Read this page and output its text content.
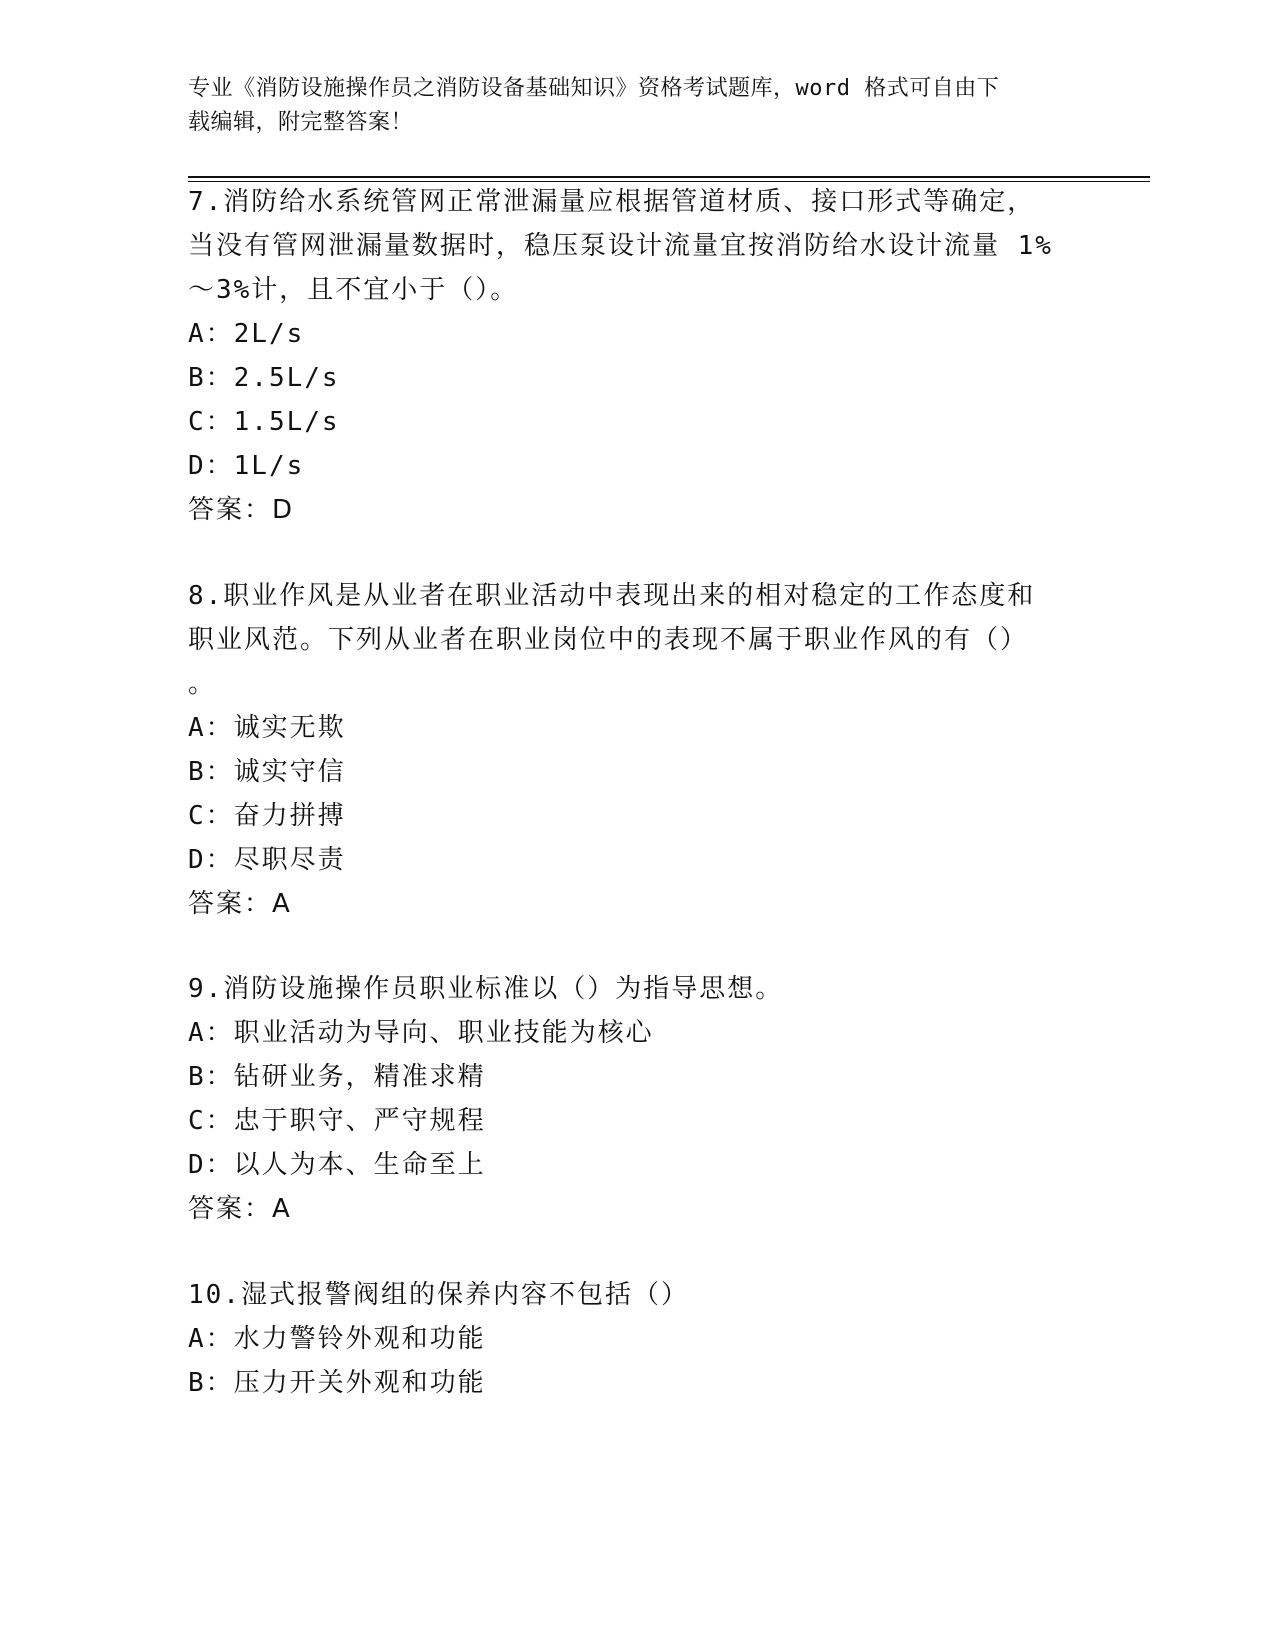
专业《消防设施操作员之消防设备基础知识》资格考试题库，word 格式可自由下
载编辑，附完整答案！
7.消防给水系统管网正常泄漏量应根据管道材质、接口形式等确定，
当没有管网泄漏量数据时，稳压泵设计流量宜按消防给水设计流量 1%
～3%计，且不宜小于（）。
A：2L/s
B：2.5L/s
C：1.5L/s
D：1L/s
答案：D
8.职业作风是从业者在职业活动中表现出来的相对稳定的工作态度和
职业风范。下列从业者在职业岗位中的表现不属于职业作风的有（）
。
A：诚实无欺
B：诚实守信
C：奋力拼搏
D：尽职尽责
答案：A
9.消防设施操作员职业标准以（）为指导思想。
A：职业活动为导向、职业技能为核心
B：钻研业务，精准求精
C：忠于职守、严守规程
D：以人为本、生命至上
答案：A
10.湿式报警阀组的保养内容不包括（）
A：水力警铃外观和功能
B：压力开关外观和功能
